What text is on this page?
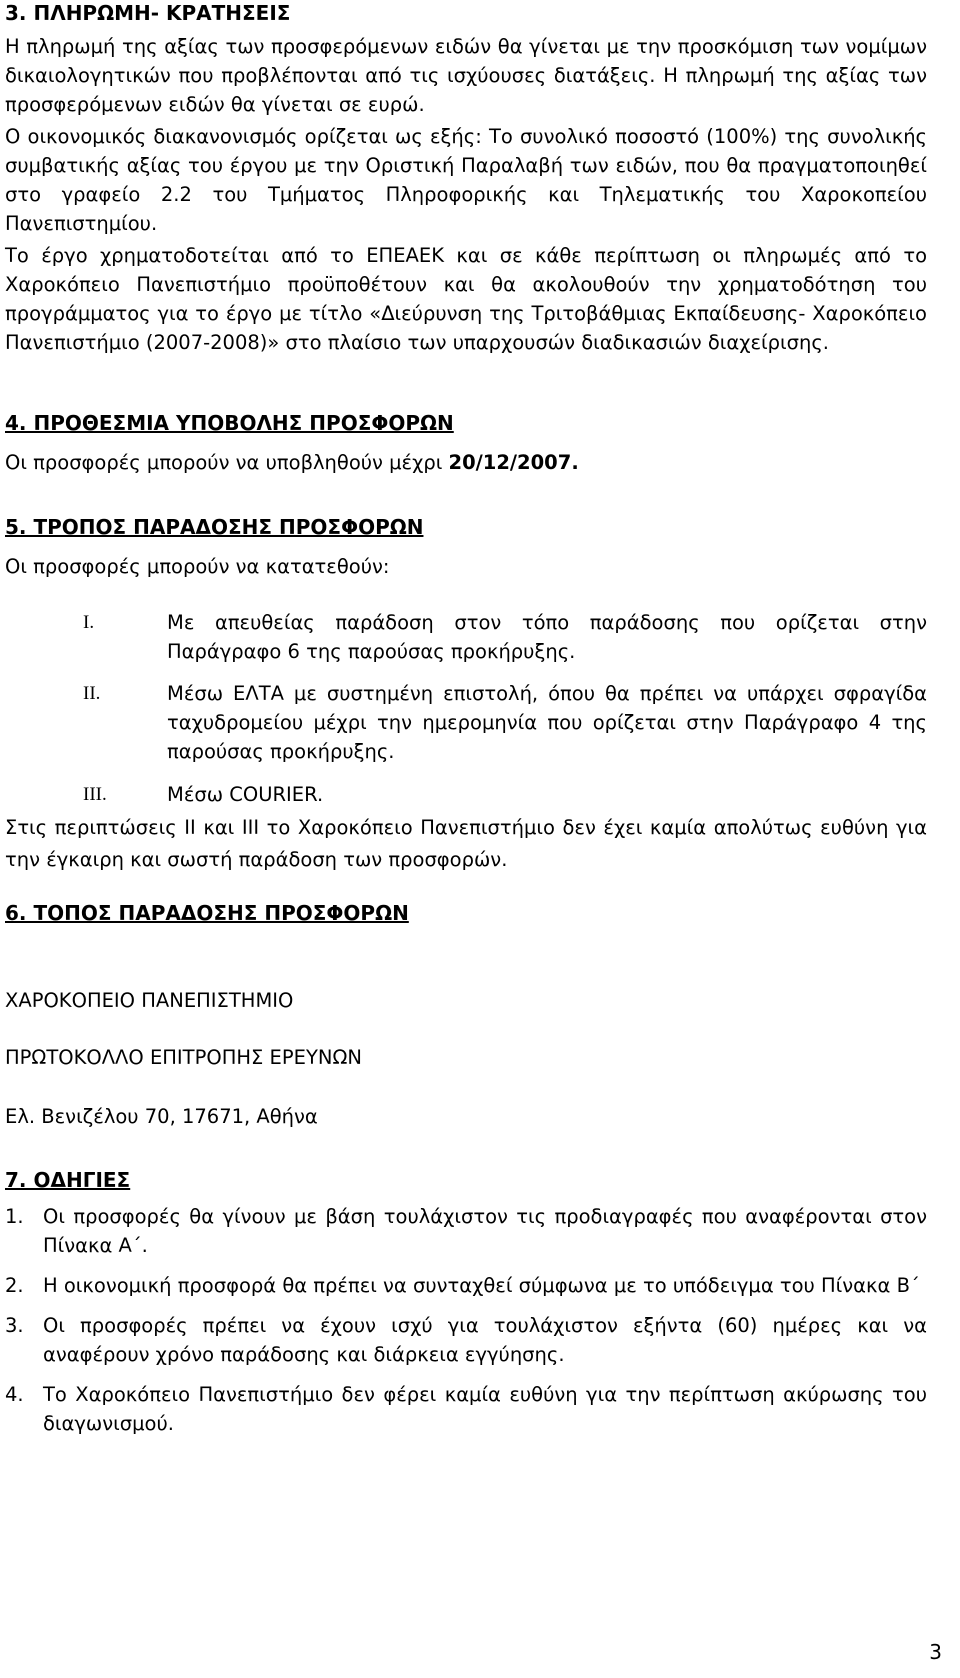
3. ΠΛΗΡΩΜΗ- ΚΡΑΤΗΣΕΙΣ

Η πληρωμή της αξίας των προσφερόμενων ειδών θα γίνεται με την προσκόμιση των νομίμων δικαιολογητικών που προβλέπονται από τις ισχύουσες διατάξεις. Η πληρωμή της αξίας των προσφερόμενων ειδών θα γίνεται σε ευρώ.

Ο οικονομικός διακανονισμός ορίζεται ως εξής: Το συνολικό ποσοστό (100%) της συνολικής συμβατικής αξίας του έργου με την Οριστική Παραλαβή των ειδών, που θα πραγματοποιηθεί στο γραφείο 2.2 του Τμήματος Πληροφορικής και Τηλεματικής του Χαροκοπείου Πανεπιστημίου.

Το έργο χρηματοδοτείται από το ΕΠΕΑΕΚ και σε κάθε περίπτωση οι πληρωμές από το Χαροκόπειο Πανεπιστήμιο προϋποθέτουν και θα ακολουθούν την χρηματοδότηση του προγράμματος για το έργο με τίτλο «Διεύρυνση της Τριτοβάθμιας Εκπαίδευσης- Χαροκόπειο Πανεπιστήμιο (2007-2008)» στο πλαίσιο των υπαρχουσών διαδικασιών διαχείρισης.

4. ΠΡΟΘΕΣΜΙΑ ΥΠΟΒΟΛΗΣ ΠΡΟΣΦΟΡΩΝ

Οι προσφορές μπορούν να υποβληθούν μέχρι 20/12/2007.

5. ΤΡΟΠΟΣ ΠΑΡΑΔΟΣΗΣ ΠΡΟΣΦΟΡΩΝ

Οι προσφορές μπορούν να κατατεθούν:

I.	Με απευθείας παράδοση στον τόπο παράδοσης που ορίζεται στην Παράγραφο 6 της παρούσας προκήρυξης.
II.	Μέσω ΕΛΤΑ με συστημένη επιστολή, όπου θα πρέπει να υπάρχει σφραγίδα ταχυδρομείου μέχρι την ημερομηνία που ορίζεται στην Παράγραφο 4 της παρούσας προκήρυξης.
III.	Μέσω COURIER.

Στις περιπτώσεις ΙΙ και ΙΙΙ το Χαροκόπειο Πανεπιστήμιο δεν έχει καμία απολύτως ευθύνη για την έγκαιρη και σωστή παράδοση των προσφορών.

6. ΤΟΠΟΣ ΠΑΡΑΔΟΣΗΣ ΠΡΟΣΦΟΡΩΝ

ΧΑΡΟΚΟΠΕΙΟ ΠΑΝΕΠΙΣΤΗΜΙΟ

ΠΡΩΤΟΚΟΛΛΟ ΕΠΙΤΡΟΠΗΣ ΕΡΕΥΝΩΝ

Ελ. Βενιζέλου 70, 17671, Αθήνα

7. ΟΔΗΓΙΕΣ

1. Οι προσφορές θα γίνουν με βάση τουλάχιστον τις προδιαγραφές που αναφέρονται στον Πίνακα Α΄.
2. Η οικονομική προσφορά θα πρέπει να συνταχθεί σύμφωνα με το υπόδειγμα του Πίνακα Β΄
3. Οι προσφορές πρέπει να έχουν ισχύ για τουλάχιστον εξήντα (60) ημέρες και να αναφέρουν χρόνο παράδοσης και διάρκεια εγγύησης.
4. Το Χαροκόπειο Πανεπιστήμιο δεν φέρει καμία ευθύνη για την περίπτωση ακύρωσης του διαγωνισμού.
3
